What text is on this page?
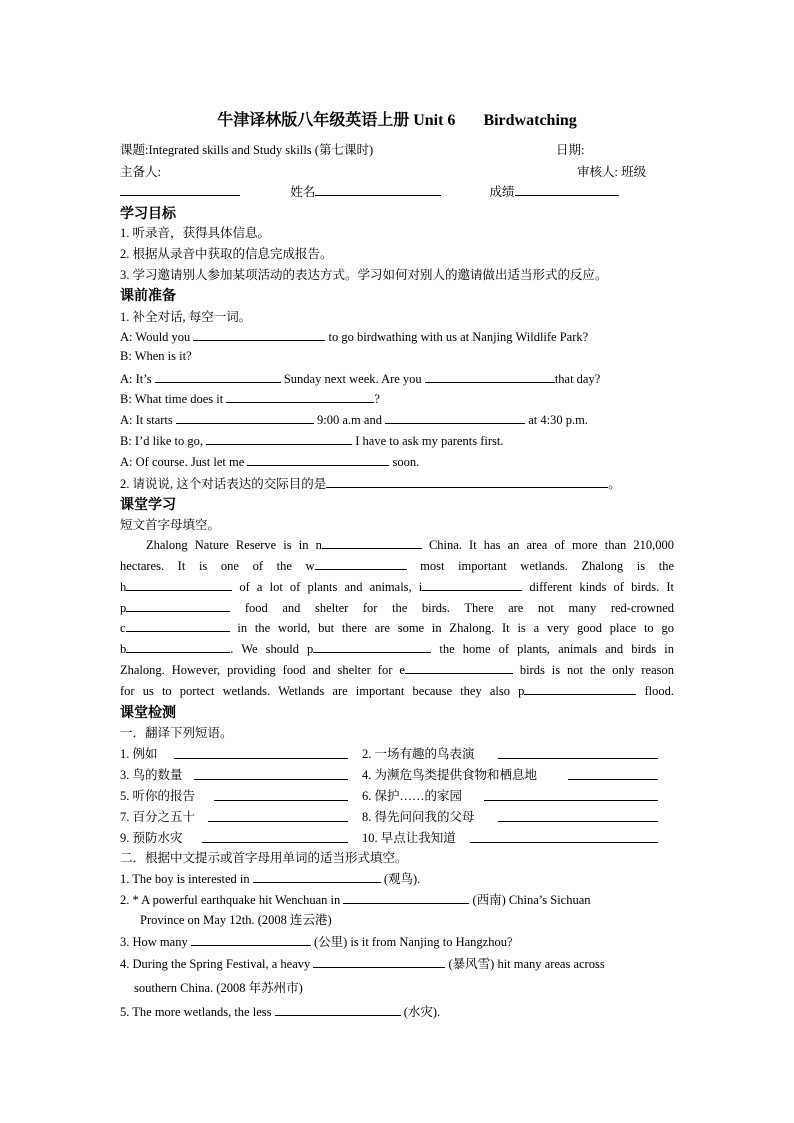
牛津译林版八年级英语上册 Unit 6 Birdwatching
课题:Integrated skills and Study skills (第七课时)	日期:
主备人:	审核人: 班级
姓名	成绩
学习目标
1. 听录音，获得具体信息。
2. 根据从录音中获取的信息完成报告。
3. 学习邀请别人参加某项活动的表达方式。学习如何对别人的邀请做出适当形式的反应。
课前准备
1. 补全对话, 每空一词。
A: Would you	to go birdwathing with us at Nanjing Wildlife Park?
B: When is it?
A: It’s	Sunday next week. Are you	that day?
B: What time does it	?
A: It starts	9:00 a.m and	at 4:30 p.m.
B: I’d like to go,	I have to ask my parents first.
A: Of course. Just let me	soon.
2. 请说说, 这个对话表达的交际目的是	。
课堂学习
短文首字母填空。
Zhalong Nature Reserve is in n	China. It has an area of more than 210,000
hectares. It is one of the w	most important wetlands. Zhalong is the
h	of a lot of plants and animals, i	different kinds of birds. It
p	food and shelter for the birds. There are not many red-crowned
c	in the world, but there are some in Zhalong. It is a very good place to go
b	. We should p	the home of plants, animals and birds in
Zhalong. However, providing food and shelter for e	birds is not the only reason
for us to portect wetlands. Wetlands are important because they also p	flood.
课堂检测
一．翻译下列短语。
1. 例如	2. 一场有趣的鸟表演
3. 鸟的数量	4. 为濒危鸟类提供食物和栖息地
5. 听你的报告	6. 保护……的家园
7. 百分之五十	8. 得先问问我的父母
9. 预防水灾	10. 早点让我知道
二．根据中文提示或首字母用单词的适当形式填空。
1. The boy is interested in	(观鸟).
2. * A powerful earthquake hit Wenchuan in	(西南) China’s Sichuan
Province on May 12th. (2008 连云港)
3. How many	(公里) is it from Nanjing to Hangzhou?
4. During the Spring Festival, a heavy	(暴风雪) hit many areas across
southern China. (2008 年苏州市)
5. The more wetlands, the less	(水灾).
